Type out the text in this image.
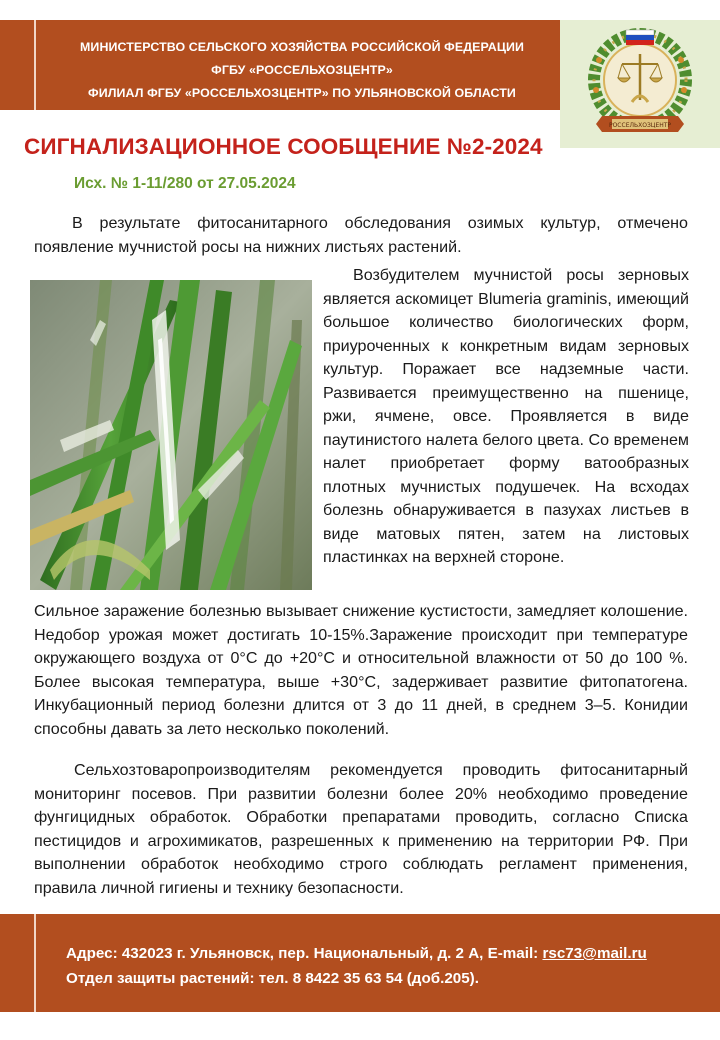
МИНИСТЕРСТВО СЕЛЬСКОГО ХОЗЯЙСТВА РОССИЙСКОЙ ФЕДЕРАЦИИ
ФГБУ «РОССЕЛЬХОЗЦЕНТР»
ФИЛИАЛ ФГБУ «РОССЕЛЬХОЗЦЕНТР» ПО УЛЬЯНОВСКОЙ ОБЛАСТИ
РОССЕЛЬХОЗЦЕНТР
СИГНАЛИЗАЦИОННОЕ СООБЩЕНИЕ №2-2024
Исх. № 1-11/280 от 27.05.2024
В результате фитосанитарного обследования озимых культур, отмечено появление мучнистой росы на нижних листьях растений.
Возбудителем мучнистой росы зерновых является аскомицет Blumeria graminis, имеющий большое количество биологических форм, приуроченных к конкретным видам зерновых культур. Поражает все надземные части. Развивается преимущественно на пшенице, ржи, ячмене, овсе. Проявляется в виде паутинистого налета белого цвета. Со временем налет приобретает форму ватообразных плотных мучнистых подушечек. На всходах болезнь обнаруживается в пазухах листьев в виде матовых пятен, затем на листовых пластинках на верхней стороне.
Сильное заражение болезнью вызывает снижение кустистости, замедляет колошение. Недобор урожая может достигать 10-15%.Заражение происходит при температуре окружающего воздуха от 0°С до +20°С и относительной влажности от 50 до 100 %. Более высокая температура, выше +30°С, задерживает развитие фитопатогена. Инкубационный период болезни длится от 3 до 11 дней, в среднем 3–5. Конидии способны давать за лето несколько поколений.
Сельхозтоваропроизводителям рекомендуется проводить фитосанитарный мониторинг посевов. При развитии болезни более 20% необходимо проведение фунгицидных обработок. Обработки препаратами проводить, согласно Списка пестицидов и агрохимикатов, разрешенных к применению на территории РФ. При выполнении обработок необходимо строго соблюдать регламент применения, правила личной гигиены и технику безопасности.
Адрес: 432023 г. Ульяновск, пер. Национальный, д. 2 А, E-mail: rsc73@mail.ru
Отдел защиты растений: тел. 8 8422 35 63 54 (доб.205).
